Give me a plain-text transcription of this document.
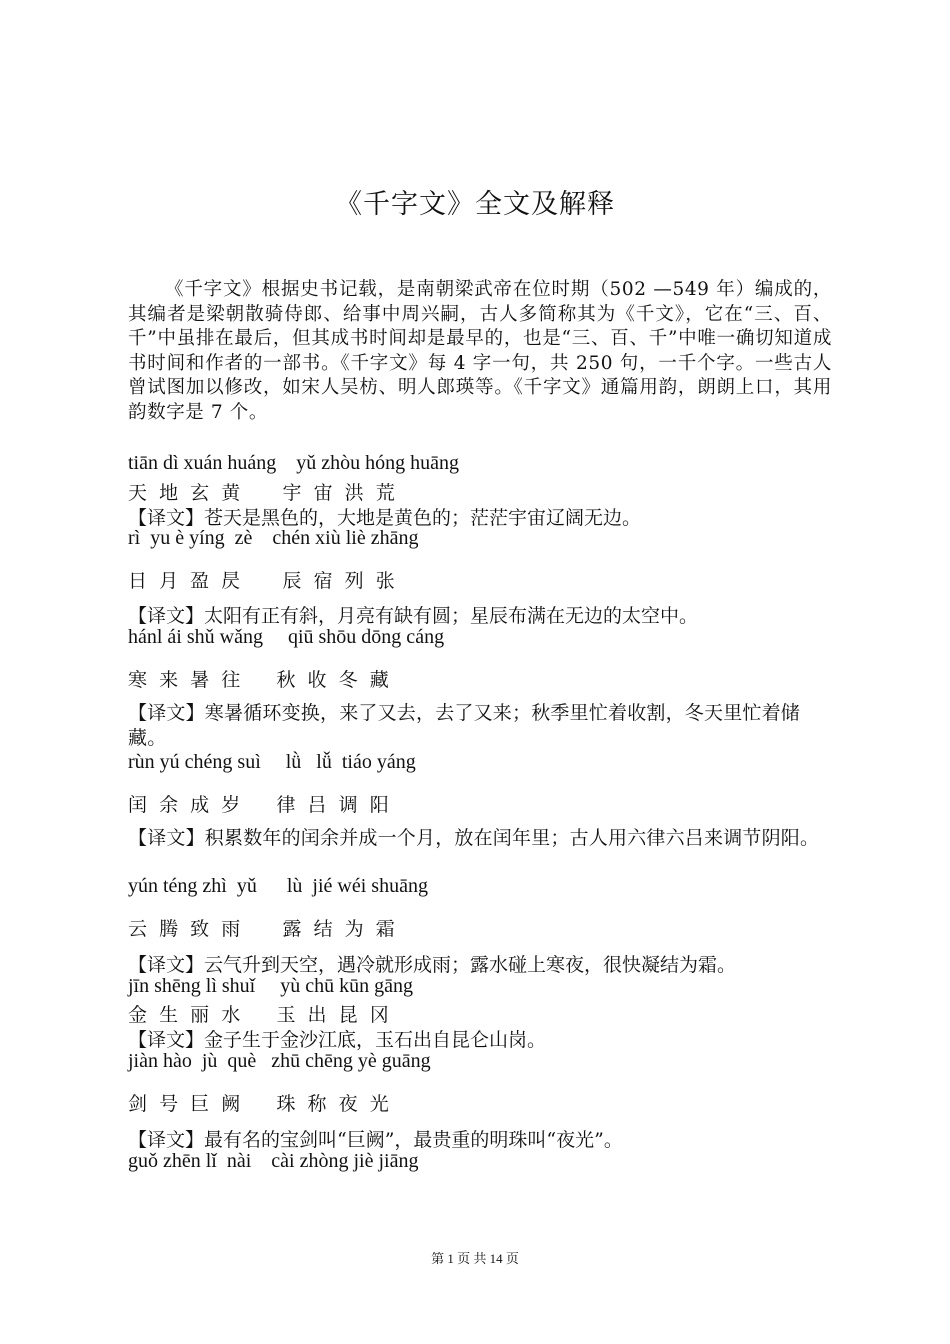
《千字文》全文及解释
《千字文》根据史书记载，是南朝梁武帝在位时期（502 —549 年）编成的，其编者是梁朝散骑侍郎、给事中周兴嗣，古人多简称其为《千文》，它在“三、百、千”中虽排在最后，但其成书时间却是最早的，也是“三、百、千”中唯一确切知道成书时间和作者的一部书。《千字文》每 4 字一句，共 250 句，一千个字。一些古人曾试图加以修改，如宋人吴枋、明人郎瑛等。《千字文》通篇用韵，朗朗上口，其用韵数字是 7 个。
tiān dì xuán huáng    yǔ zhòu hóng huāng
天  地  玄  黄       宇  宙  洪  荒
【译文】苍天是黑色的，大地是黄色的；茫茫宇宙辽阔无边。
rì  yu è yíng  zè    chén xiù liè zhāng
日  月  盈  昃       辰  宿  列  张
【译文】太阳有正有斜，月亮有缺有圆；星辰布满在无边的太空中。
hánl ái shǔ wǎng     qiū shōu dōng cáng
寒  来  暑  往      秋  收  冬  藏
【译文】寒暑循环变换，来了又去，去了又来；秋季里忙着收割，冬天里忙着储藏。
rùn yú chéng suì     lǜ   lǚ  tiáo yáng
闰  余  成  岁      律  吕  调  阳
【译文】积累数年的闰余并成一个月，放在闰年里；古人用六律六吕来调节阴阳。
yún téng zhì  yǔ      lù  jié wéi shuāng
云  腾  致  雨       露  结  为  霜
【译文】云气升到天空，遇冷就形成雨；露水碰上寒夜，很快凝结为霜。
jīn shēng lì shuǐ     yù chū kūn gāng
金  生  丽  水      玉  出  昆  冈
【译文】金子生于金沙江底，玉石出自昆仑山岗。
jiàn hào  jù  què   zhū chēng yè guāng
剑  号  巨  阙      珠  称  夜  光
【译文】最有名的宝剑叫“巨阙”，最贵重的明珠叫“夜光”。
guǒ zhēn lǐ  nài    cài zhòng jiè jiāng
第 1 页 共 14 页
